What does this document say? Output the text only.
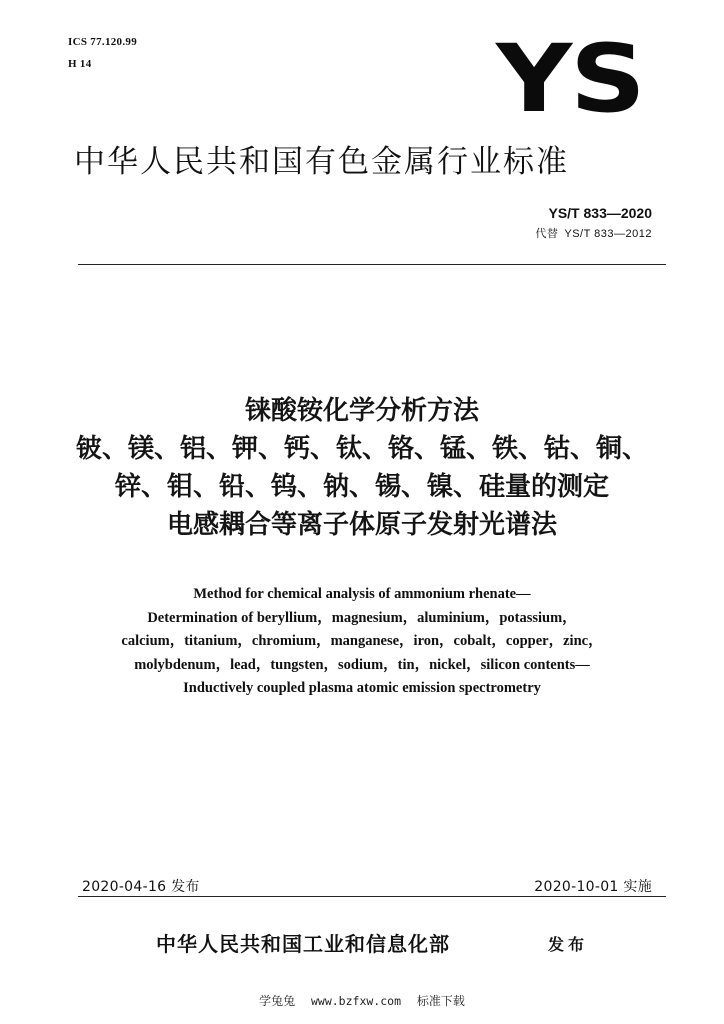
ICS 77.120.99
H 14	YS
中华人民共和国有色金属行业标准
YS/T 833—2020
代替 YS/T 833—2012
铼酸铵化学分析方法
铍、镁、铝、钾、钙、钛、铬、锰、铁、钴、铜、
锌、钼、铅、钨、钠、锡、镍、硅量的测定
电感耦合等离子体原子发射光谱法
Method for chemical analysis of ammonium rhenate—
Determination of beryllium，magnesium，aluminium，potassium，
calcium，titanium，chromium，manganese，iron，cobalt，copper，zinc，
molybdenum，lead，tungsten，sodium，tin，nickel，silicon contents—
Inductively coupled plasma atomic emission spectrometry
2020-04-16 发布	2020-10-01 实施
中华人民共和国工业和信息化部	发布
学兔兔 www.bzfxw.com 标准下载
